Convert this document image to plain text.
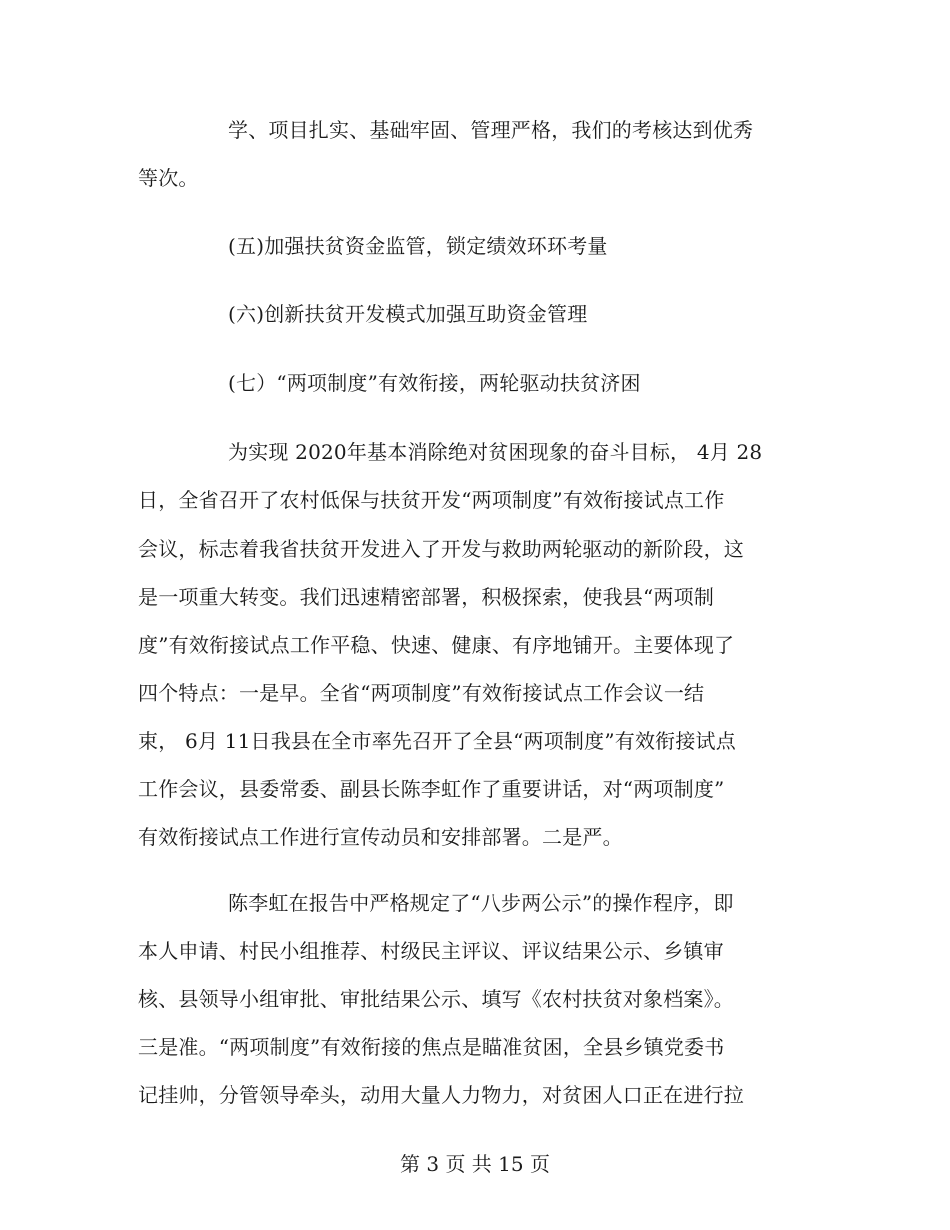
学、项目扎实、基础牢固、管理严格，我们的考核达到优秀
等次。
(五)加强扶贫资金监管，锁定绩效环环考量
(六)创新扶贫开发模式加强互助资金管理
(七）“两项制度”有效衔接，两轮驱动扶贫济困
为实现 2020年基本消除绝对贫困现象的奋斗目标， 4月 28
日，全省召开了农村低保与扶贫开发“两项制度”有效衔接试点工作
会议，标志着我省扶贫开发进入了开发与救助两轮驱动的新阶段，这
是一项重大转变。我们迅速精密部署，积极探索，使我县“两项制
度”有效衔接试点工作平稳、快速、健康、有序地铺开。主要体现了
四个特点：一是早。全省“两项制度”有效衔接试点工作会议一结
束， 6月 11日我县在全市率先召开了全县“两项制度”有效衔接试点
工作会议，县委常委、副县长陈李虹作了重要讲话，对“两项制度”
有效衔接试点工作进行宣传动员和安排部署。二是严。
陈李虹在报告中严格规定了“八步两公示”的操作程序，即
本人申请、村民小组推荐、村级民主评议、评议结果公示、乡镇审
核、县领导小组审批、审批结果公示、填写《农村扶贫对象档案》。
三是准。“两项制度”有效衔接的焦点是瞄准贫困，全县乡镇党委书
记挂帅，分管领导牵头，动用大量人力物力，对贫困人口正在进行拉
第 3 页 共 15 页
